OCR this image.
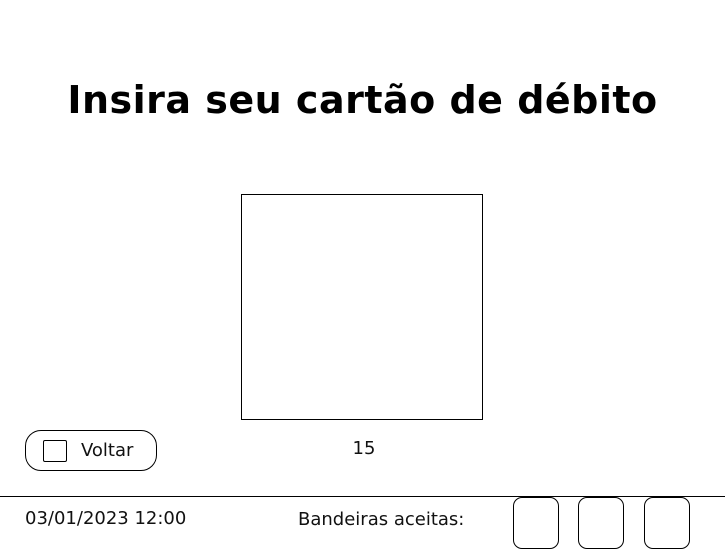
Insira seu cartão de débito
Voltar	15
03/01/2023 12:00	Bandeiras aceitas:
